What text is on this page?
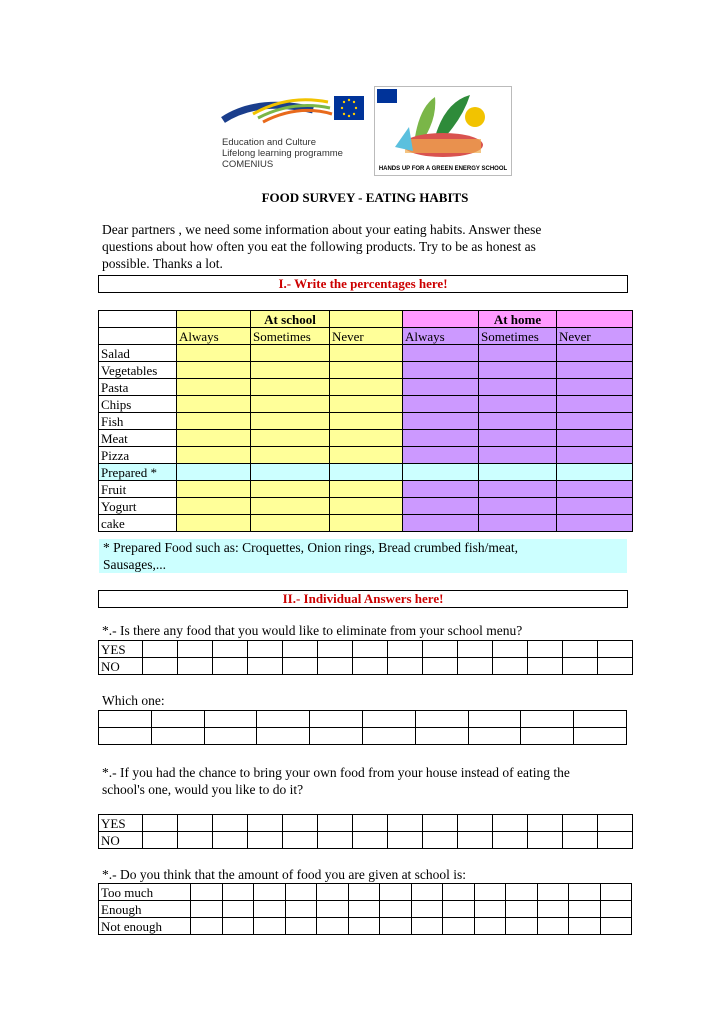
Education and Culture
Lifelong learning programme
COMENIUS	HANDS UP FOR A GREEN ENERGY SCHOOL
FOOD SURVEY - EATING HABITS
Dear partners , we need some information about your eating habits. Answer these
questions about how often you eat the following products. Try to be as honest as
possible. Thanks a lot.
I.- Write the percentages here!
		At school			At home	
	Always	Sometimes	Never	Always	Sometimes	Never
Salad						
Vegetables						
Pasta						
Chips						
Fish						
Meat						
Pizza						
Prepared *						
Fruit						
Yogurt						
cake						
* Prepared Food such as: Croquettes, Onion rings, Bread crumbed fish/meat,
Sausages,...
II.- Individual Answers here!
*.- Is there any food that you would like to eliminate from your school menu?
YES														
NO														
Which one:

*.- If you had the chance to bring your own food from your house instead of eating the
school's one, would you like to do it?
YES														
NO														
*.- Do you think that the amount of food you are given at school is:
Too much														
Enough														
Not enough														
